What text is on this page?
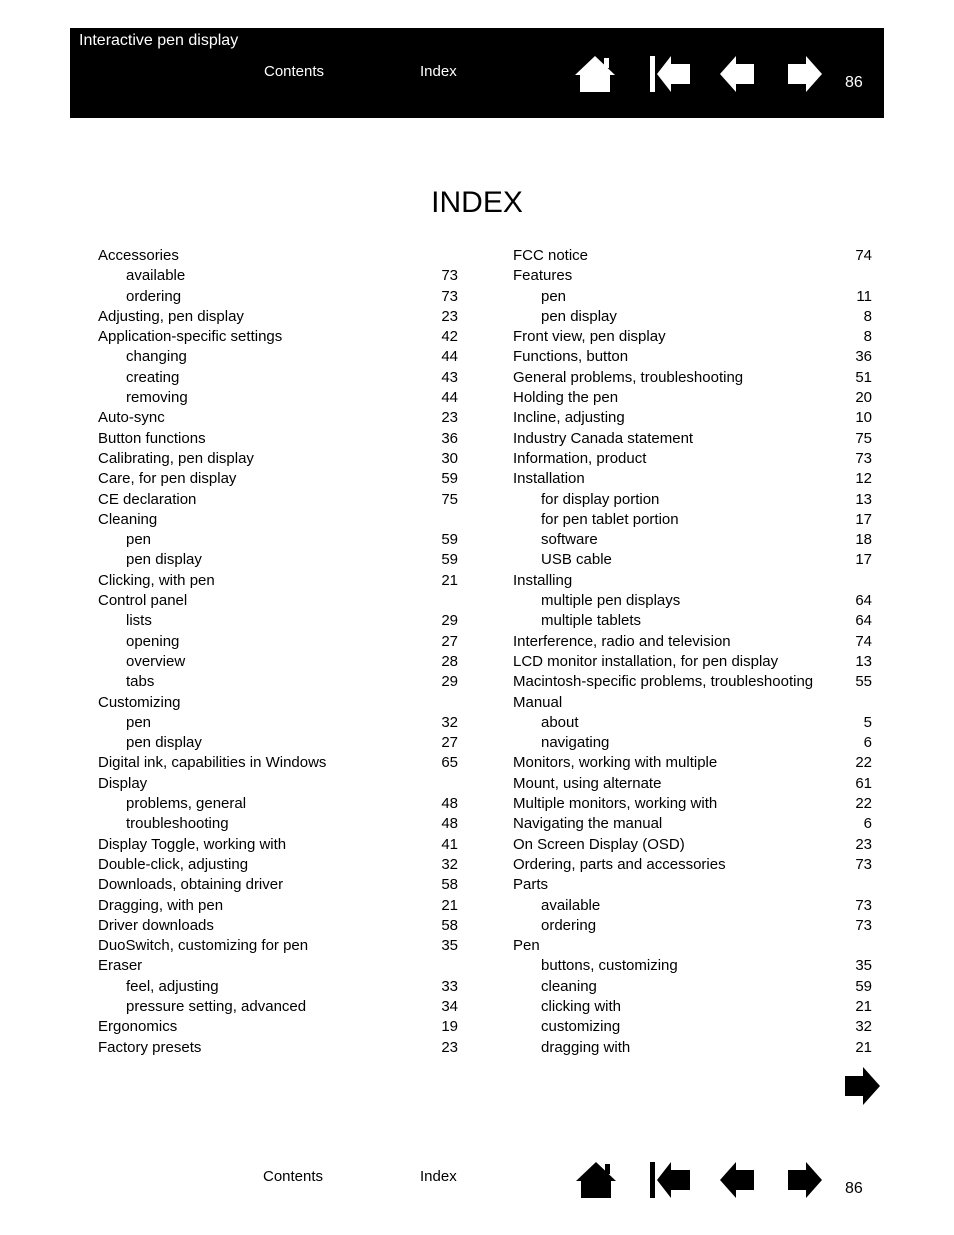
Interactive pen display
Contents	Index
86
INDEX
Accessories
available	73
ordering	73
Adjusting, pen display	23
Application-specific settings	42
changing	44
creating	43
removing	44
Auto-sync	23
Button functions	36
Calibrating, pen display	30
Care, for pen display	59
CE declaration	75
Cleaning
pen	59
pen display	59
Clicking, with pen	21
Control panel
lists	29
opening	27
overview	28
tabs	29
Customizing
pen	32
pen display	27
Digital ink, capabilities in Windows	65
Display
problems, general	48
troubleshooting	48
Display Toggle, working with	41
Double-click, adjusting	32
Downloads, obtaining driver	58
Dragging, with pen	21
Driver downloads	58
DuoSwitch, customizing for pen	35
Eraser
feel, adjusting	33
pressure setting, advanced	34
Ergonomics	19
Factory presets	23
FCC notice	74
Features
pen	11
pen display	8
Front view, pen display	8
Functions, button	36
General problems, troubleshooting	51
Holding the pen	20
Incline, adjusting	10
Industry Canada statement	75
Information, product	73
Installation	12
for display portion	13
for pen tablet portion	17
software	18
USB cable	17
Installing
multiple pen displays	64
multiple tablets	64
Interference, radio and television	74
LCD monitor installation, for pen display	13
Macintosh-specific problems, troubleshooting	55
Manual
about	5
navigating	6
Monitors, working with multiple	22
Mount, using alternate	61
Multiple monitors, working with	22
Navigating the manual	6
On Screen Display (OSD)	23
Ordering, parts and accessories	73
Parts
available	73
ordering	73
Pen
buttons, customizing	35
cleaning	59
clicking with	21
customizing	32
dragging with	21
Contents	Index
86
